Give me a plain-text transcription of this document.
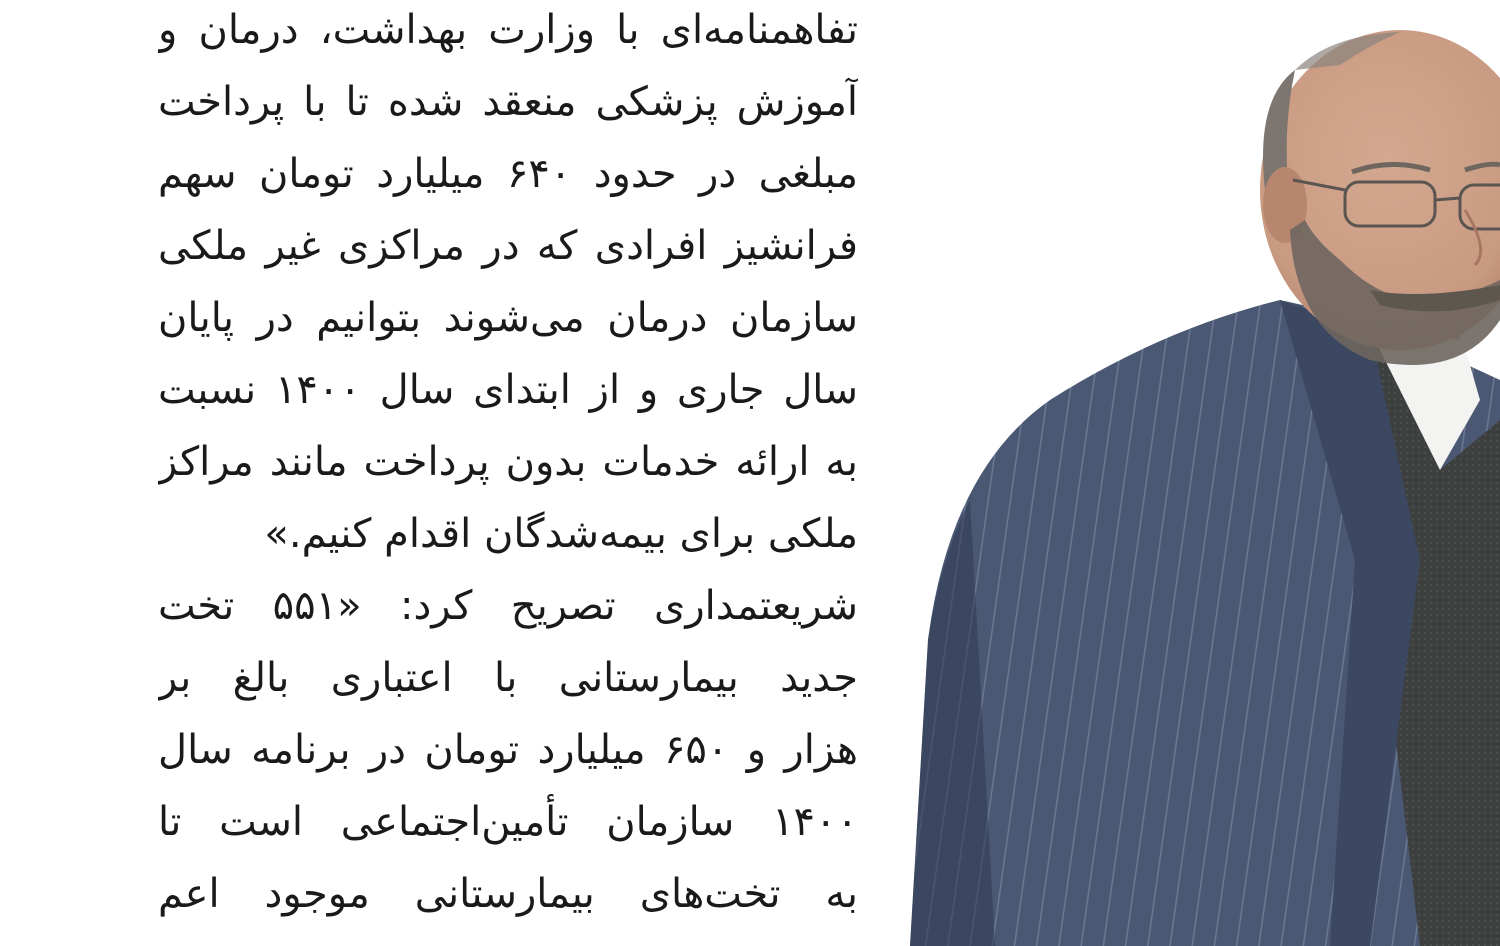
تفاهمنامه‌ای با وزارت بهداشت، درمان و
آموزش پزشکی منعقد شده تا با پرداخت
مبلغی در حدود ۶۴۰ میلیارد تومان سهم
فرانشیز افرادی که در مراکزی غیر ملکی
سازمان درمان می‌شوند بتوانیم در پایان
سال جاری و از ابتدای سال ۱۴۰۰ نسبت
به ارائه خدمات بدون پرداخت مانند مراکز
ملکی برای بیمه‌شدگان اقدام کنیم.»
شریعتمداری تصریح کرد: «۵۵۱ تخت
جدید بیمارستانی با اعتباری بالغ بر
هزار و ۶۵۰ میلیارد تومان در برنامه سال
۱۴۰۰ سازمان تأمین‌اجتماعی است تا
به تخت‌های بیمارستانی موجود اعم
